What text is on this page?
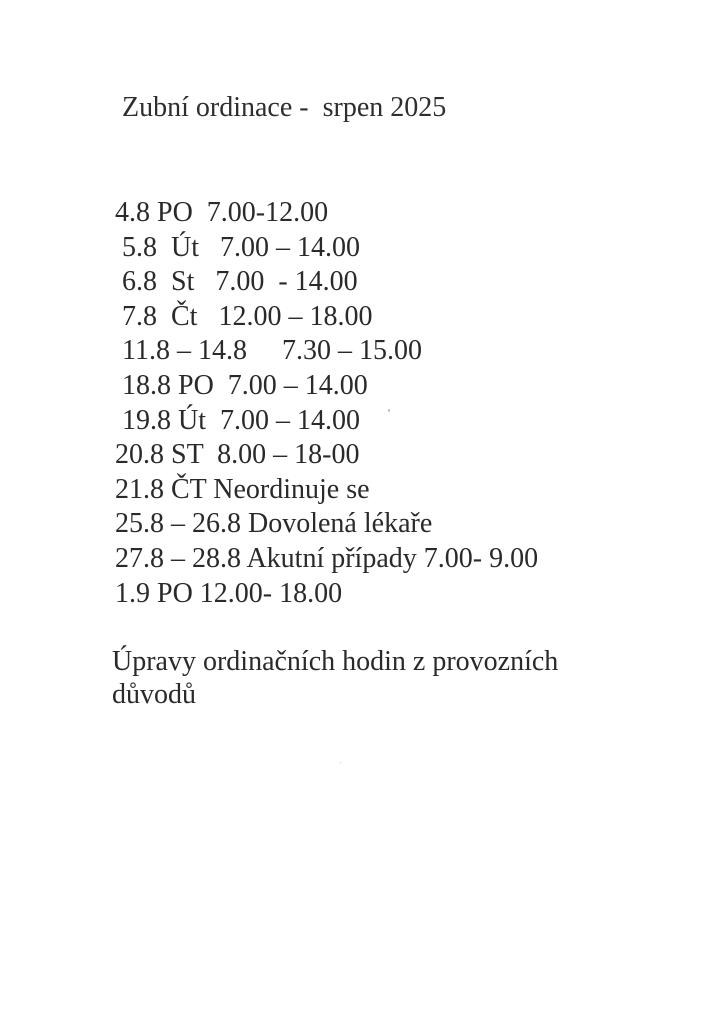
Zubní ordinace -  srpen 2025
4.8 PO  7.00-12.00
5.8  Út   7.00 – 14.00
6.8  St   7.00  - 14.00
7.8  Čt   12.00 – 18.00
11.8 – 14.8     7.30 – 15.00
18.8 PO  7.00 – 14.00
19.8 Út  7.00 – 14.00
20.8 ST  8.00 – 18-00
21.8 ČT Neordinuje se
25.8 – 26.8 Dovolená lékaře
27.8 – 28.8 Akutní případy 7.00- 9.00
1.9 PO 12.00- 18.00
Úpravy ordinačních hodin z provozních důvodů
